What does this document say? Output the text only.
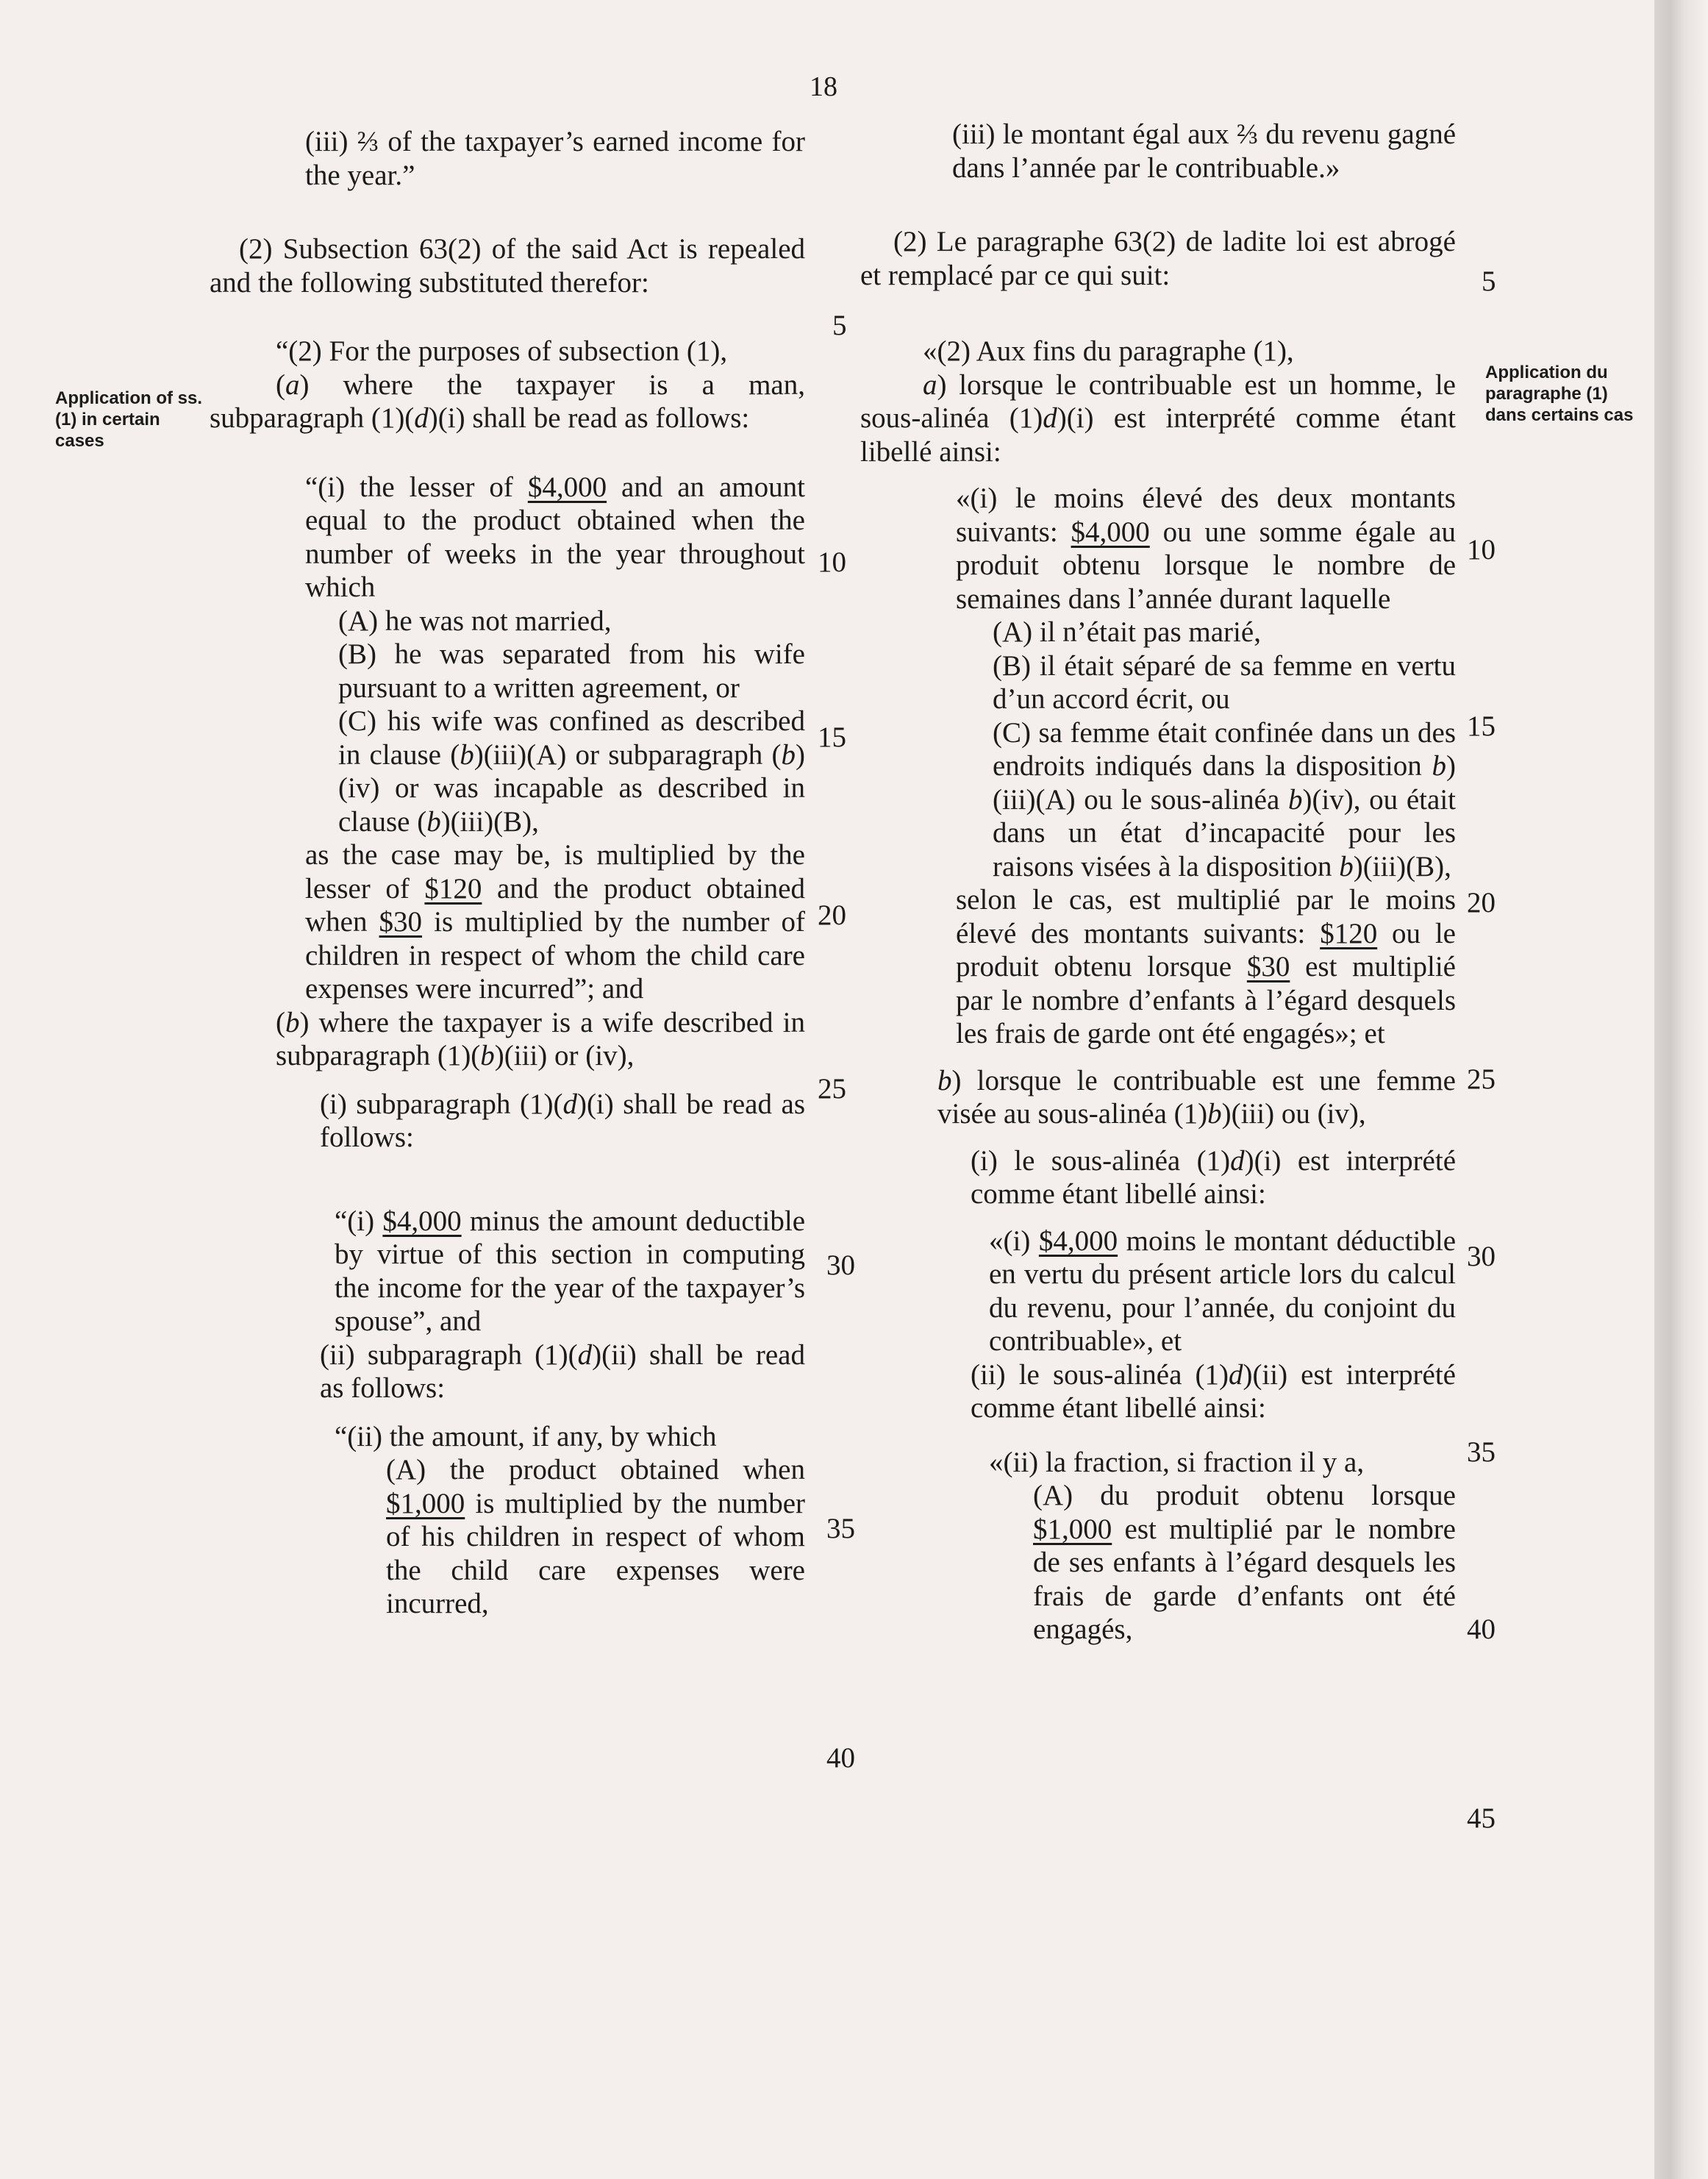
18
Application of ss. (1) in certain cases
Application du paragraphe (1) dans certains cas

(iii) ⅔ of the taxpayer’s earned income for the year.”

(2) Subsection 63(2) of the said Act is repealed and the following substituted therefor:

“(2) For the purposes of subsection (1),

(a) where the taxpayer is a man, subparagraph (1)(d)(i) shall be read as follows:

“(i) the lesser of $4,000 and an amount equal to the product obtained when the number of weeks in the year throughout which

(A) he was not married,

(B) he was separated from his wife pursuant to a written agreement, or

(C) his wife was confined as described in clause (b)(iii)(A) or subparagraph (b)(iv) or was incapable as described in clause (b)(iii)(B),

as the case may be, is multiplied by the lesser of $120 and the product obtained when $30 is multiplied by the number of children in respect of whom the child care expenses were incurred”; and

(b) where the taxpayer is a wife described in subparagraph (1)(b)(iii) or (iv),

(i) subparagraph (1)(d)(i) shall be read as follows:

“(i) $4,000 minus the amount deductible by virtue of this section in computing the income for the year of the taxpayer’s spouse”, and

(ii) subparagraph (1)(d)(ii) shall be read as follows:

“(ii) the amount, if any, by which

(A) the product obtained when $1,000 is multiplied by the number of his children in respect of whom the child care expenses were incurred,

(iii) le montant égal aux ⅔ du revenu gagné dans l’année par le contribuable.»

(2) Le paragraphe 63(2) de ladite loi est abrogé et remplacé par ce qui suit:

«(2) Aux fins du paragraphe (1),

a) lorsque le contribuable est un homme, le sous-alinéa (1)d)(i) est interprété comme étant libellé ainsi:

«(i) le moins élevé des deux montants suivants: $4,000 ou une somme égale au produit obtenu lorsque le nombre de semaines dans l’année durant laquelle

(A) il n’était pas marié,

(B) il était séparé de sa femme en vertu d’un accord écrit, ou

(C) sa femme était confinée dans un des endroits indiqués dans la disposition b)(iii)(A) ou le sous-alinéa b)(iv), ou était dans un état d’incapacité pour les raisons visées à la disposition b)(iii)(B),

selon le cas, est multiplié par le moins élevé des montants suivants: $120 ou le produit obtenu lorsque $30 est multiplié par le nombre d’enfants à l’égard desquels les frais de garde ont été engagés»; et

b) lorsque le contribuable est une femme visée au sous-alinéa (1)b)(iii) ou (iv),

(i) le sous-alinéa (1)d)(i) est interprété comme étant libellé ainsi:

«(i) $4,000 moins le montant déductible en vertu du présent article lors du calcul du revenu, pour l’année, du conjoint du contribuable», et

(ii) le sous-alinéa (1)d)(ii) est interprété comme étant libellé ainsi:

«(ii) la fraction, si fraction il y a,

(A) du produit obtenu lorsque $1,000 est multiplié par le nombre de ses enfants à l’égard desquels les frais de garde d’enfants ont été engagés,

5
10
15
20
25
30
35
40
5
10
15
20
25
30
35
40
45
